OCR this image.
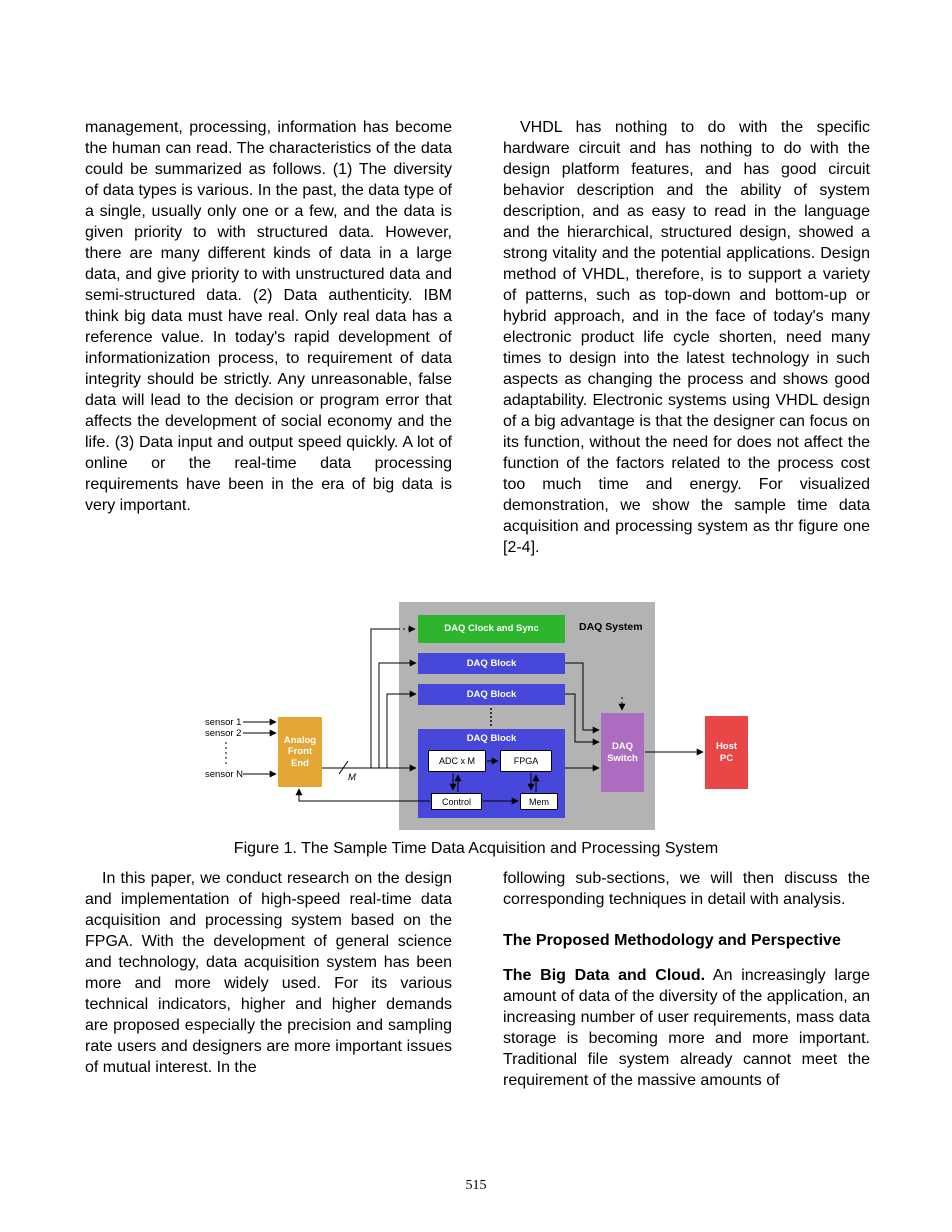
management, processing, information has become the human can read. The characteristics of the data could be summarized as follows. (1) The diversity of data types is various. In the past, the data type of a single, usually only one or a few, and the data is given priority to with structured data. However, there are many different kinds of data in a large data, and give priority to with unstructured data and semi-structured data. (2) Data authenticity. IBM think big data must have real. Only real data has a reference value. In today's rapid development of informationization process, to requirement of data integrity should be strictly. Any unreasonable, false data will lead to the decision or program error that affects the development of social economy and the life. (3) Data input and output speed quickly. A lot of online or the real-time data processing requirements have been in the era of big data is very important.

VHDL has nothing to do with the specific hardware circuit and has nothing to do with the design platform features, and has good circuit behavior description and the ability of system description, and as easy to read in the language and the hierarchical, structured design, showed a strong vitality and the potential applications. Design method of VHDL, therefore, is to support a variety of patterns, such as top-down and bottom-up or hybrid approach, and in the face of today's many electronic product life cycle shorten, need many times to design into the latest technology in such aspects as changing the process and shows good adaptability. Electronic systems using VHDL design of a big advantage is that the designer can focus on its function, without the need for does not affect the function of the factors related to the process cost too much time and energy. For visualized demonstration, we show the sample time data acquisition and processing system as thr figure one [2-4].

DAQ System
DAQ Clock and Sync
DAQ Block
DAQ Block
DAQ Block
ADC x M	FPGA
Control	Mem
Analog Front End
DAQ Switch
Host PC
sensor 1
sensor 2
sensor N	M
Figure 1. The Sample Time Data Acquisition and Processing System

In this paper, we conduct research on the design and implementation of high-speed real-time data acquisition and processing system based on the FPGA. With the development of general science and technology, data acquisition system has been more and more widely used. For its various technical indicators, higher and higher demands are proposed especially the precision and sampling rate users and designers are more important issues of mutual interest. In the

following sub-sections, we will then discuss the corresponding techniques in detail with analysis.

The Proposed Methodology and Perspective

The Big Data and Cloud. An increasingly large amount of data of the diversity of the application, an increasing number of user requirements, mass data storage is becoming more and more important. Traditional file system already cannot meet the requirement of the massive amounts of

515
